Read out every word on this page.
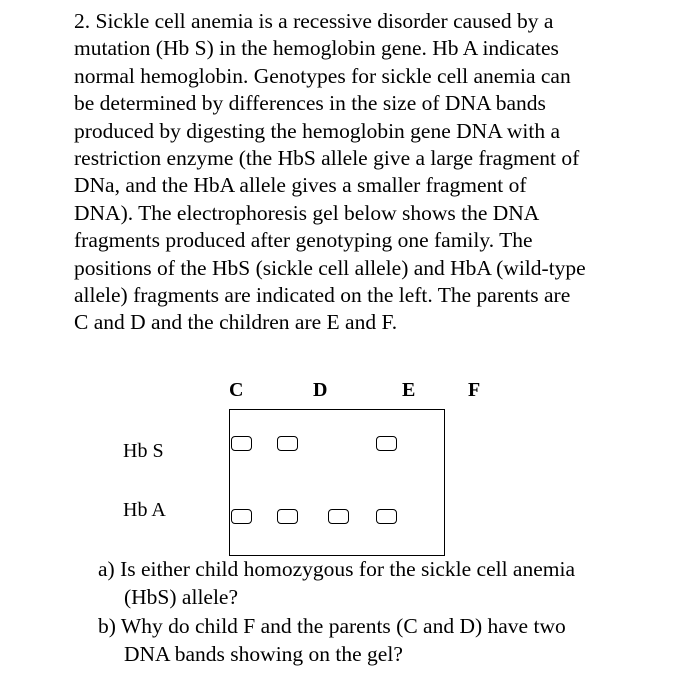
2. Sickle cell anemia is a recessive disorder caused by a
mutation (Hb S) in the hemoglobin gene. Hb A indicates
normal hemoglobin. Genotypes for sickle cell anemia can
be determined by differences in the size of DNA bands
produced by digesting the hemoglobin gene DNA with a
restriction enzyme (the HbS allele give a large fragment of
DNa, and the HbA allele gives a smaller fragment of
DNA). The electrophoresis gel below shows the DNA
fragments produced after genotyping one family. The
positions of the HbS (sickle cell allele) and HbA (wild-type
allele) fragments are indicated on the left. The parents are
C and D and the children are E and F.
C	D	E	F
Hb S
Hb A
a) Is either child homozygous for the sickle cell anemia
(HbS) allele?
b) Why do child F and the parents (C and D) have two
DNA bands showing on the gel?
